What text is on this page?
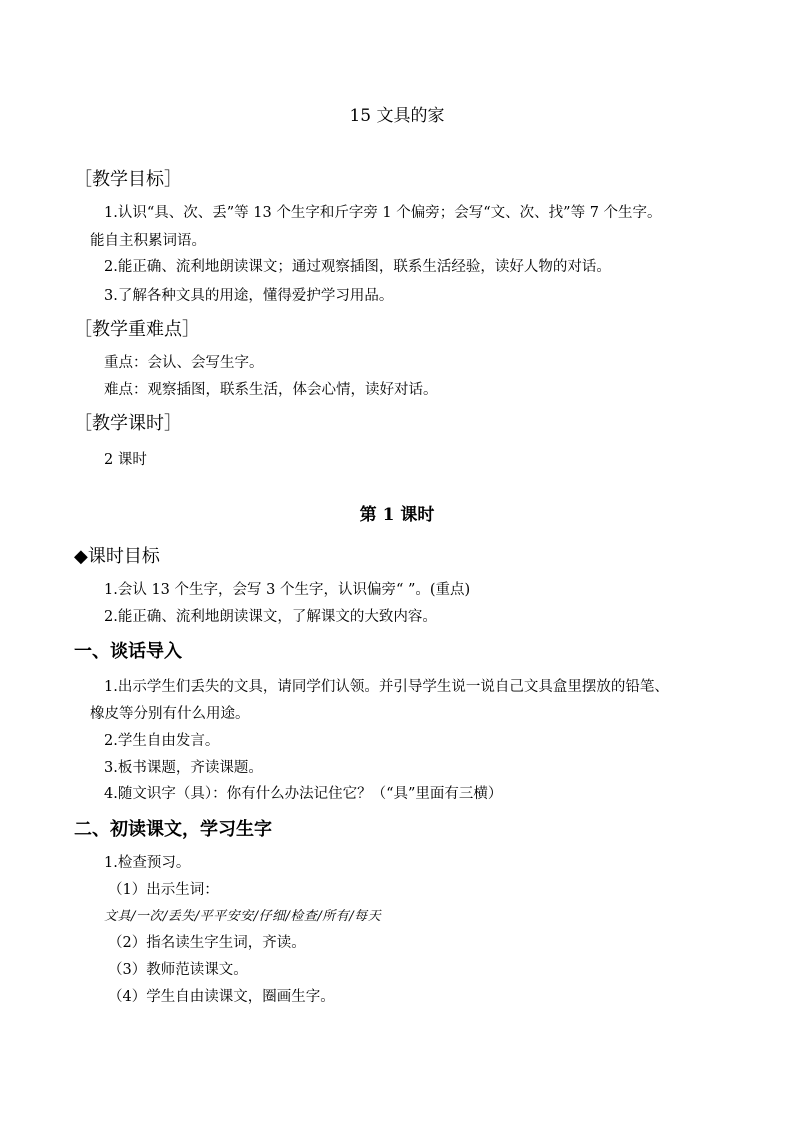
15 文具的家
［教学目标］
1.认识“具、次、丢”等 13 个生字和斤字旁 1 个偏旁；会写“文、次、找”等 7 个生字。
能自主积累词语。
2.能正确、流利地朗读课文；通过观察插图，联系生活经验，读好人物的对话。
3.了解各种文具的用途，懂得爱护学习用品。
［教学重难点］
重点：会认、会写生字。
难点：观察插图，联系生活，体会心情，读好对话。
［教学课时］
2 课时
第 1 课时
◆课时目标
1.会认 13 个生字，会写 3 个生字，认识偏旁“ ”。(重点)
2.能正确、流利地朗读课文，了解课文的大致内容。
一、谈话导入
1.出示学生们丢失的文具，请同学们认领。并引导学生说一说自己文具盒里摆放的铅笔、
橡皮等分别有什么用途。
2.学生自由发言。
3.板书课题，齐读课题。
4.随文识字（具）：你有什么办法记住它？（“具”里面有三横）
二、初读课文，学习生字
1.检查预习。
（1）出示生词：
文具/一次/丢失/平平安安/仔细/检查/所有/每天
（2）指名读生字生词，齐读。
（3）教师范读课文。
（4）学生自由读课文，圈画生字。
